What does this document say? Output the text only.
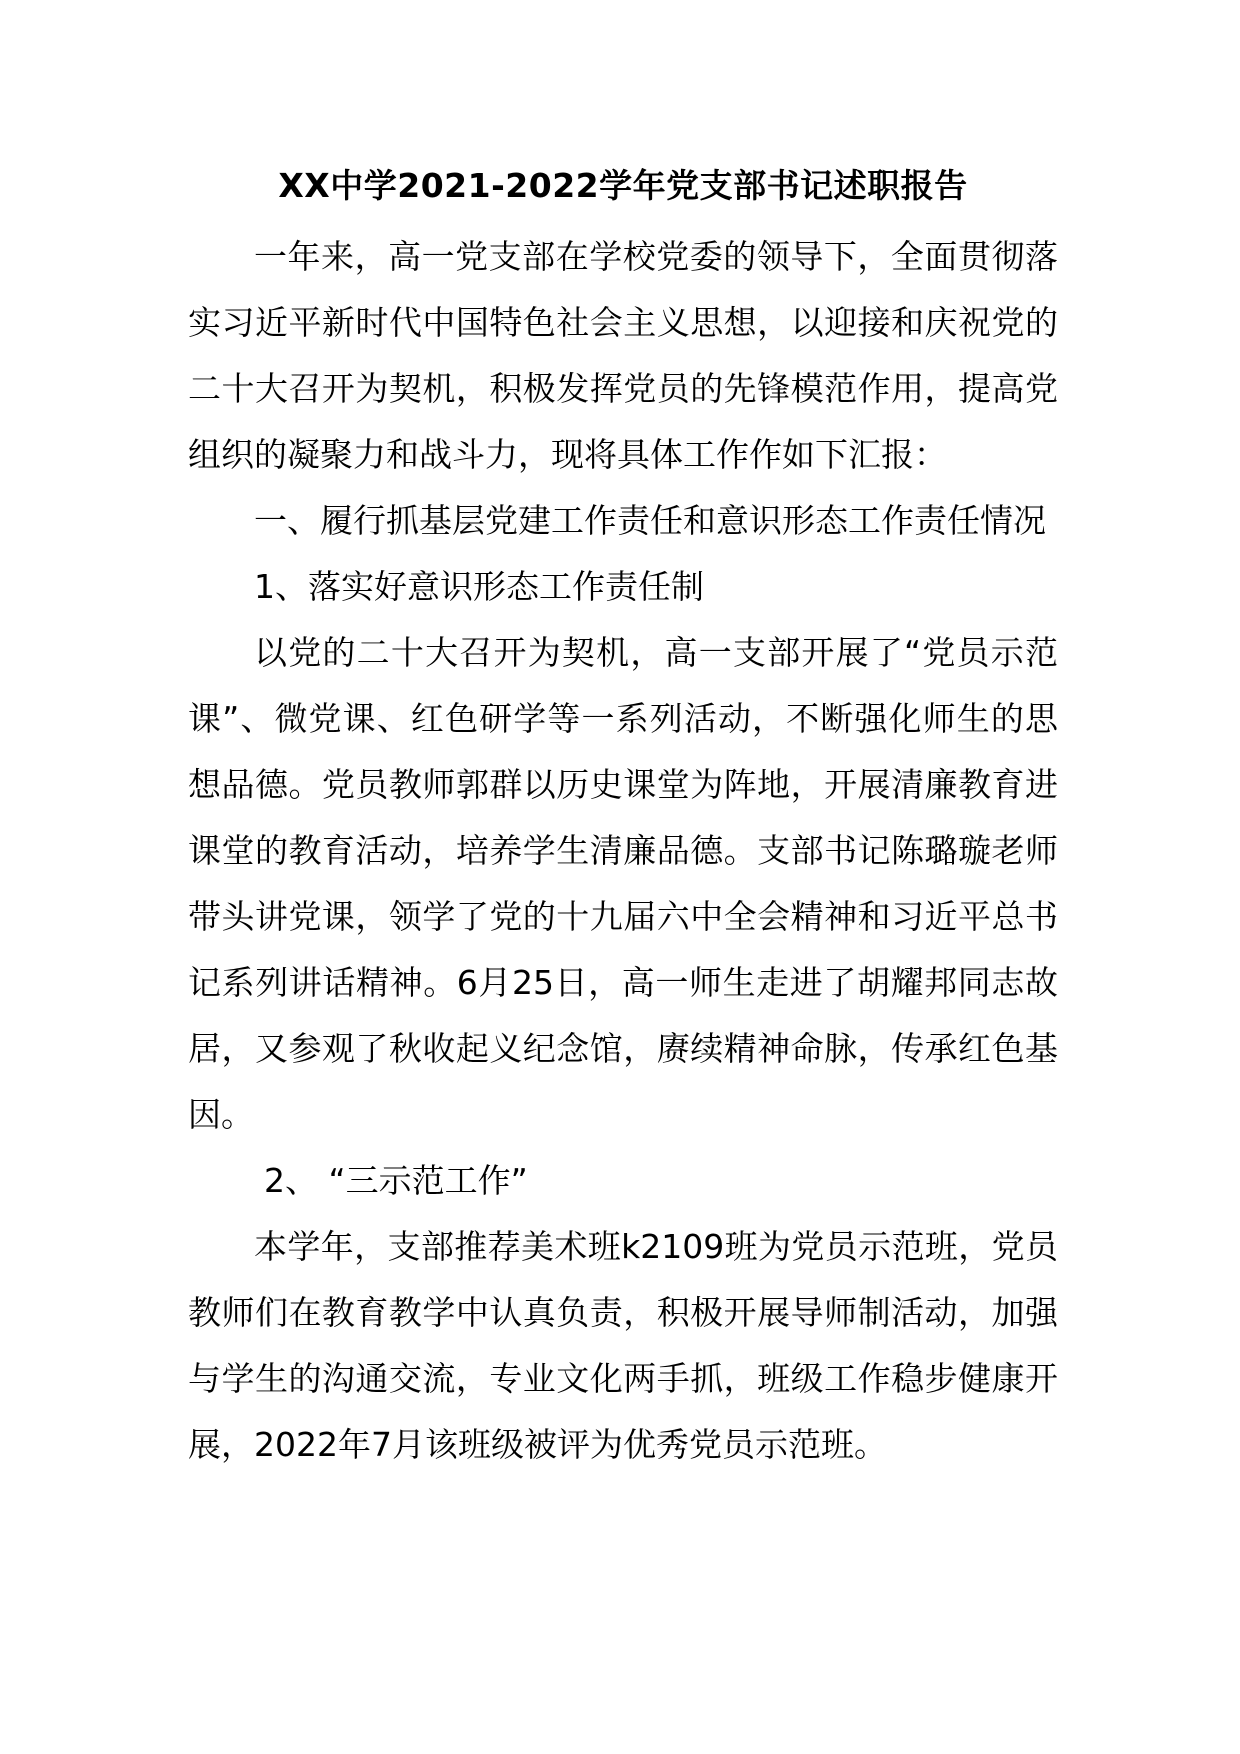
XX中学2021-2022学年党支部书记述职报告

一年来，高一党支部在学校党委的领导下，全面贯彻落实习近平新时代中国特色社会主义思想，以迎接和庆祝党的二十大召开为契机，积极发挥党员的先锋模范作用，提高党组织的凝聚力和战斗力，现将具体工作作如下汇报：

一、履行抓基层党建工作责任和意识形态工作责任情况

1、落实好意识形态工作责任制

以党的二十大召开为契机，高一支部开展了“党员示范课”、微党课、红色研学等一系列活动，不断强化师生的思想品德。党员教师郭群以历史课堂为阵地，开展清廉教育进课堂的教育活动，培养学生清廉品德。支部书记陈璐璇老师带头讲党课，领学了党的十九届六中全会精神和习近平总书记系列讲话精神。6月25日，高一师生走进了胡耀邦同志故居，又参观了秋收起义纪念馆，赓续精神命脉，传承红色基因。

2、 “三示范工作”

本学年，支部推荐美术班k2109班为党员示范班，党员教师们在教育教学中认真负责，积极开展导师制活动，加强与学生的沟通交流，专业文化两手抓，班级工作稳步健康开展，2022年7月该班级被评为优秀党员示范班。
